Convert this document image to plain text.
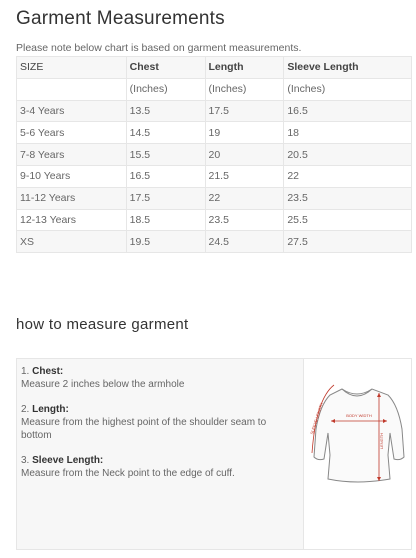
Garment Measurements
Please note below chart is based on garment measurements.
SIZE	Chest	Length	Sleeve Length
	(Inches)	(Inches)	(Inches)
3-4 Years	13.5	17.5	16.5
5-6 Years	14.5	19	18
7-8 Years	15.5	20	20.5
9-10 Years	16.5	21.5	22
11-12 Years	17.5	22	23.5
12-13 Years	18.5	23.5	25.5
XS	19.5	24.5	27.5
how to measure garment
1. Chest:
Measure 2 inches below the armhole
2. Length:
Measure from the highest point of the shoulder seam to bottom
3. Sleeve Length:
Measure from the Neck point to the edge of cuff.
BODY WIDTH
SLEEVE LENGTH
LENGTH
